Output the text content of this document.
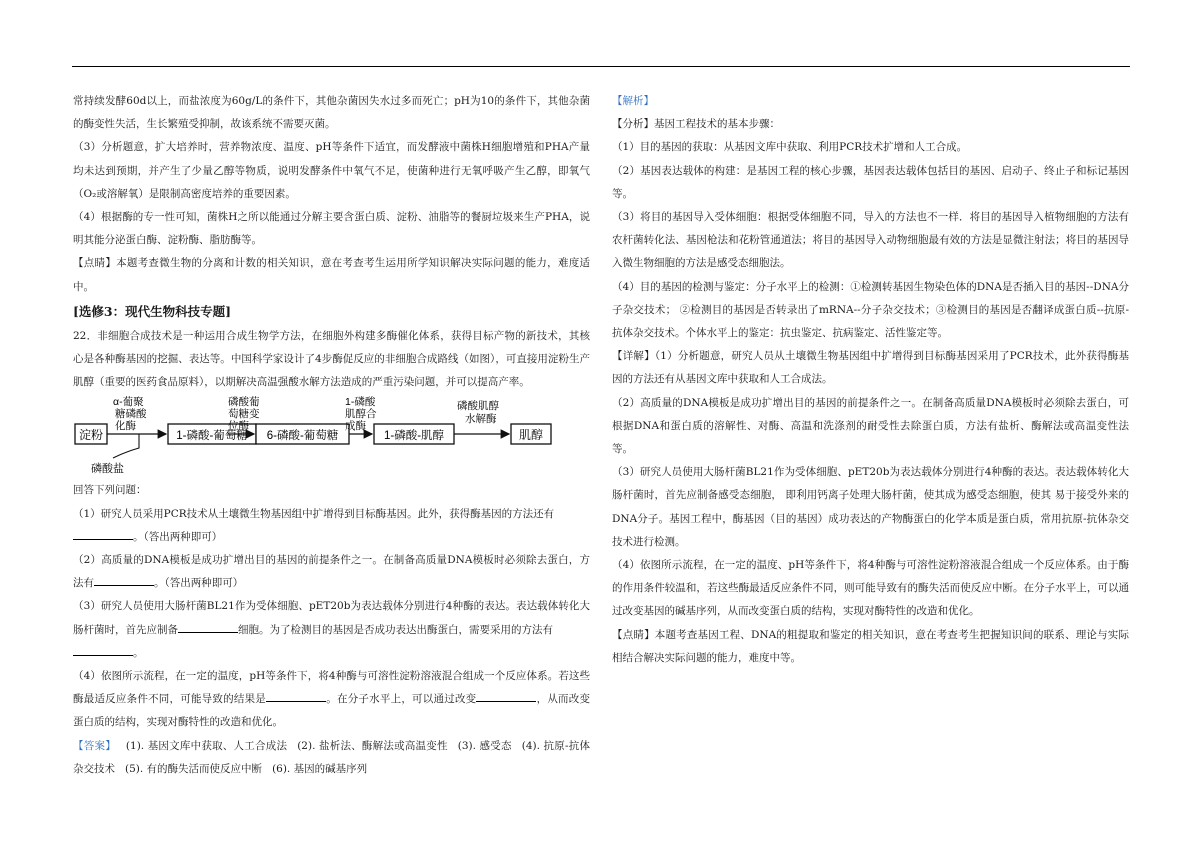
常持续发酵60d以上，而盐浓度为60g/L的条件下，其他杂菌因失水过多而死亡；pH为10的条件下，其他杂菌的酶变性失活，生长繁殖受抑制，故该系统不需要灭菌。

（3）分析题意，扩大培养时，营养物浓度、温度、pH等条件下适宜，而发酵液中菌株H细胞增殖和PHA产量均未达到预期，并产生了少量乙醇等物质，说明发酵条件中氧气不足，使菌种进行无氧呼吸产生乙醇，即氧气（O₂或溶解氧）是限制高密度培养的重要因素。

（4）根据酶的专一性可知，菌株H之所以能通过分解主要含蛋白质、淀粉、油脂等的餐厨垃圾来生产PHA，说明其能分泌蛋白酶、淀粉酶、脂肪酶等。

【点睛】本题考查微生物的分离和计数的相关知识，意在考查考生运用所学知识解决实际问题的能力，难度适中。

[选修3：现代生物科技专题]

22．非细胞合成技术是一种运用合成生物学方法，在细胞外构建多酶催化体系，获得目标产物的新技术，其核心是各种酶基因的挖掘、表达等。中国科学家设计了4步酶促反应的非细胞合成路线（如图），可直接用淀粉生产肌醇（重要的医药食品原料），以期解决高温强酸水解方法造成的严重污染问题，并可以提高产率。

淀粉	1-磷酸-葡萄糖 6-磷酸-葡萄糖	1-磷酸-肌醇	肌醇
磷酸盐
α-葡聚
糖磷酸
化酶
磷酸葡
萄糖变
位酶
1-磷酸
肌醇合
成酶
磷酸肌醇
水解酶

回答下列问题：

（1）研究人员采用PCR技术从土壤微生物基因组中扩增得到目标酶基因。此外，获得酶基因的方法还有
。（答出两种即可）

（2）高质量的DNA模板是成功扩增出目的基因的前提条件之一。在制备高质量DNA模板时必须除去蛋白，方法有	。（答出两种即可）

（3）研究人员使用大肠杆菌BL21作为受体细胞、pET20b为表达载体分别进行4种酶的表达。表达载体转化大肠杆菌时，首先应制备	细胞。为了检测目的基因是否成功表达出酶蛋白，需要采用的方法有
。

（4）依图所示流程，在一定的温度，pH等条件下，将4种酶与可溶性淀粉溶液混合组成一个反应体系。若这些酶最适反应条件不同，可能导致的结果是	。在分子水平上，可以通过改变	，从而改变蛋白质的结构，实现对酶特性的改造和优化。

【答案】 (1). 基因文库中获取、人工合成法 (2). 盐析法、酶解法或高温变性 (3). 感受态 (4). 抗原-抗体杂交技术 (5). 有的酶失活而使反应中断 (6). 基因的碱基序列

【解析】

【分析】基因工程技术的基本步骤：

（1）目的基因的获取：从基因文库中获取、利用PCR技术扩增和人工合成。

（2）基因表达载体的构建：是基因工程的核心步骤，基因表达载体包括目的基因、启动子、终止子和标记基因等。

（3）将目的基因导入受体细胞：根据受体细胞不同，导入的方法也不一样．将目的基因导入植物细胞的方法有农杆菌转化法、基因枪法和花粉管通道法；将目的基因导入动物细胞最有效的方法是显微注射法；将目的基因导入微生物细胞的方法是感受态细胞法。

（4）目的基因的检测与鉴定：分子水平上的检测：①检测转基因生物染色体的DNA是否插入目的基因--DNA分子杂交技术； ②检测目的基因是否转录出了mRNA--分子杂交技术；③检测目的基因是否翻译成蛋白质--抗原-抗体杂交技术。个体水平上的鉴定：抗虫鉴定、抗病鉴定、活性鉴定等。

【详解】（1）分析题意，研究人员从土壤微生物基因组中扩增得到目标酶基因采用了PCR技术，此外获得酶基因的方法还有从基因文库中获取和人工合成法。

（2）高质量的DNA模板是成功扩增出目的基因的前提条件之一。在制备高质量DNA模板时必须除去蛋白，可根据DNA和蛋白质的溶解性、对酶、高温和洗涤剂的耐受性去除蛋白质，方法有盐析、酶解法或高温变性法等。

（3）研究人员使用大肠杆菌BL21作为受体细胞、pET20b为表达载体分别进行4种酶的表达。表达载体转化大肠杆菌时，首先应制备感受态细胞， 即利用钙离子处理大肠杆菌，使其成为感受态细胞，使其 易于接受外来的DNA分子。基因工程中，酶基因（目的基因）成功表达的产物酶蛋白的化学本质是蛋白质，常用抗原-抗体杂交技术进行检测。

（4）依图所示流程，在一定的温度、pH等条件下，将4种酶与可溶性淀粉溶液混合组成一个反应体系。由于酶的作用条件较温和，若这些酶最适反应条件不同，则可能导致有的酶失活而使反应中断。在分子水平上，可以通过改变基因的碱基序列，从而改变蛋白质的结构，实现对酶特性的改造和优化。

【点睛】本题考查基因工程、DNA的粗提取和鉴定的相关知识，意在考查考生把握知识间的联系、理论与实际相结合解决实际问题的能力，难度中等。
